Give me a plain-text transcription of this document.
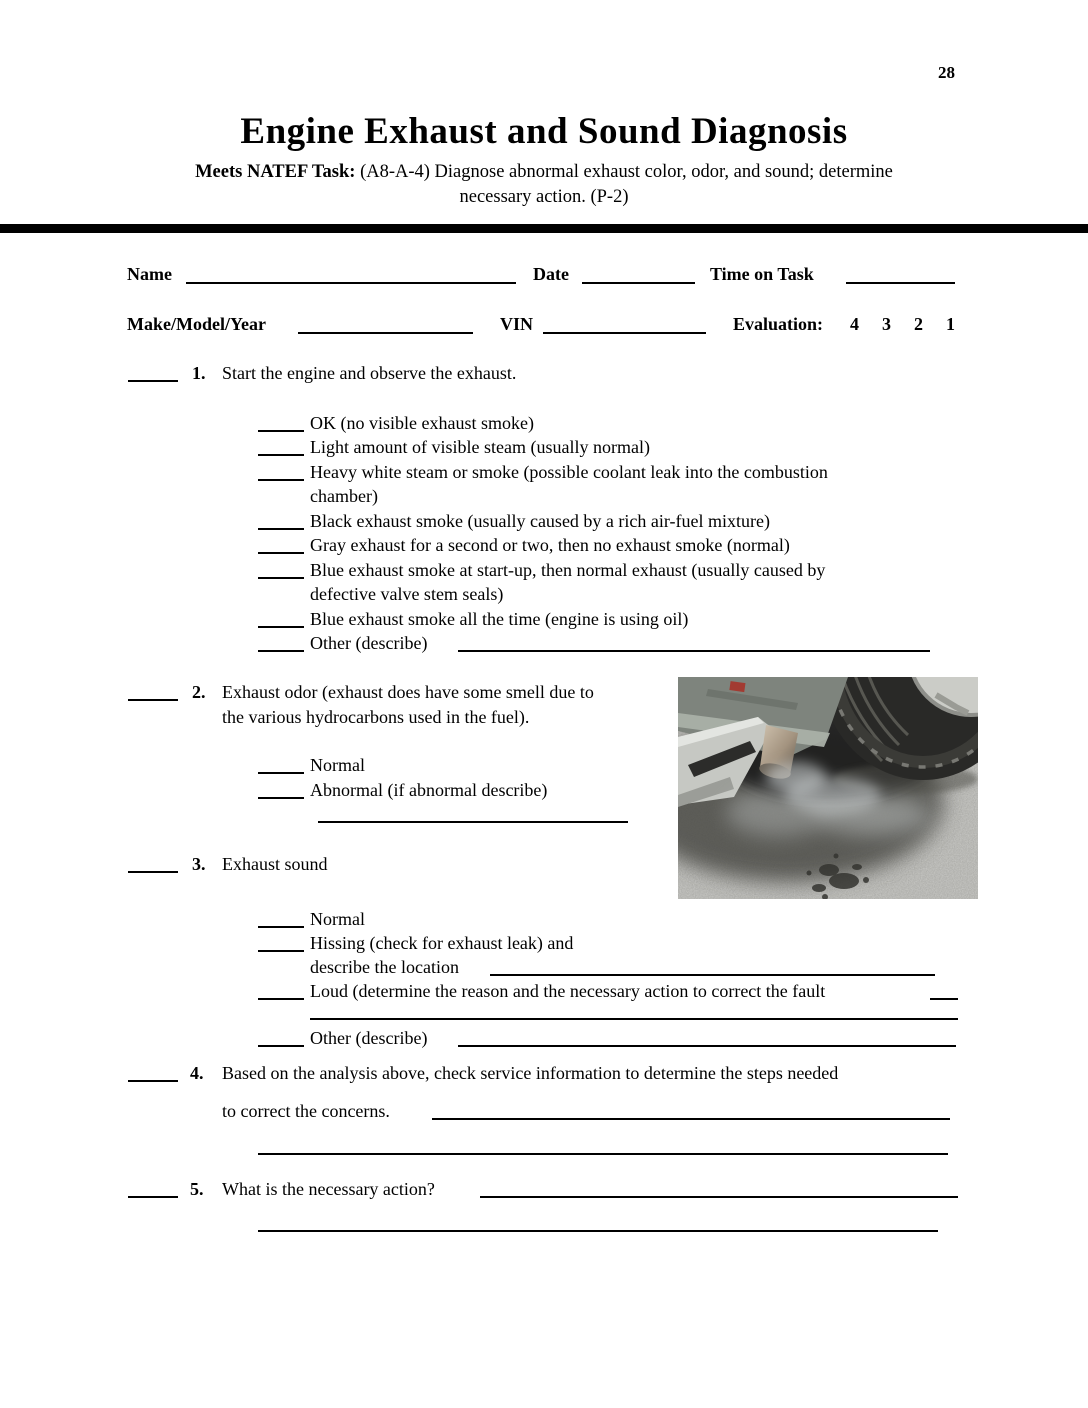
28
Engine Exhaust and Sound Diagnosis
Meets NATEF Task: (A8-A-4) Diagnose abnormal exhaust color, odor, and sound; determine
necessary action. (P-2)
Name	Date	Time on Task
Make/Model/Year	VIN	Evaluation: 4 3 2 1
1. Start the engine and observe the exhaust.
OK (no visible exhaust smoke)
Light amount of visible steam (usually normal)
Heavy white steam or smoke (possible coolant leak into the combustion
chamber)
Black exhaust smoke (usually caused by a rich air-fuel mixture)
Gray exhaust for a second or two, then no exhaust smoke (normal)
Blue exhaust smoke at start-up, then normal exhaust (usually caused by
defective valve stem seals)
Blue exhaust smoke all the time (engine is using oil)
Other (describe)
2. Exhaust odor (exhaust does have some smell due to
the various hydrocarbons used in the fuel).
Normal
Abnormal (if abnormal describe)
3. Exhaust sound
Normal
Hissing (check for exhaust leak) and
describe the location
Loud (determine the reason and the necessary action to correct the fault
Other (describe)
4. Based on the analysis above, check service information to determine the steps needed
to correct the concerns.
5. What is the necessary action?
